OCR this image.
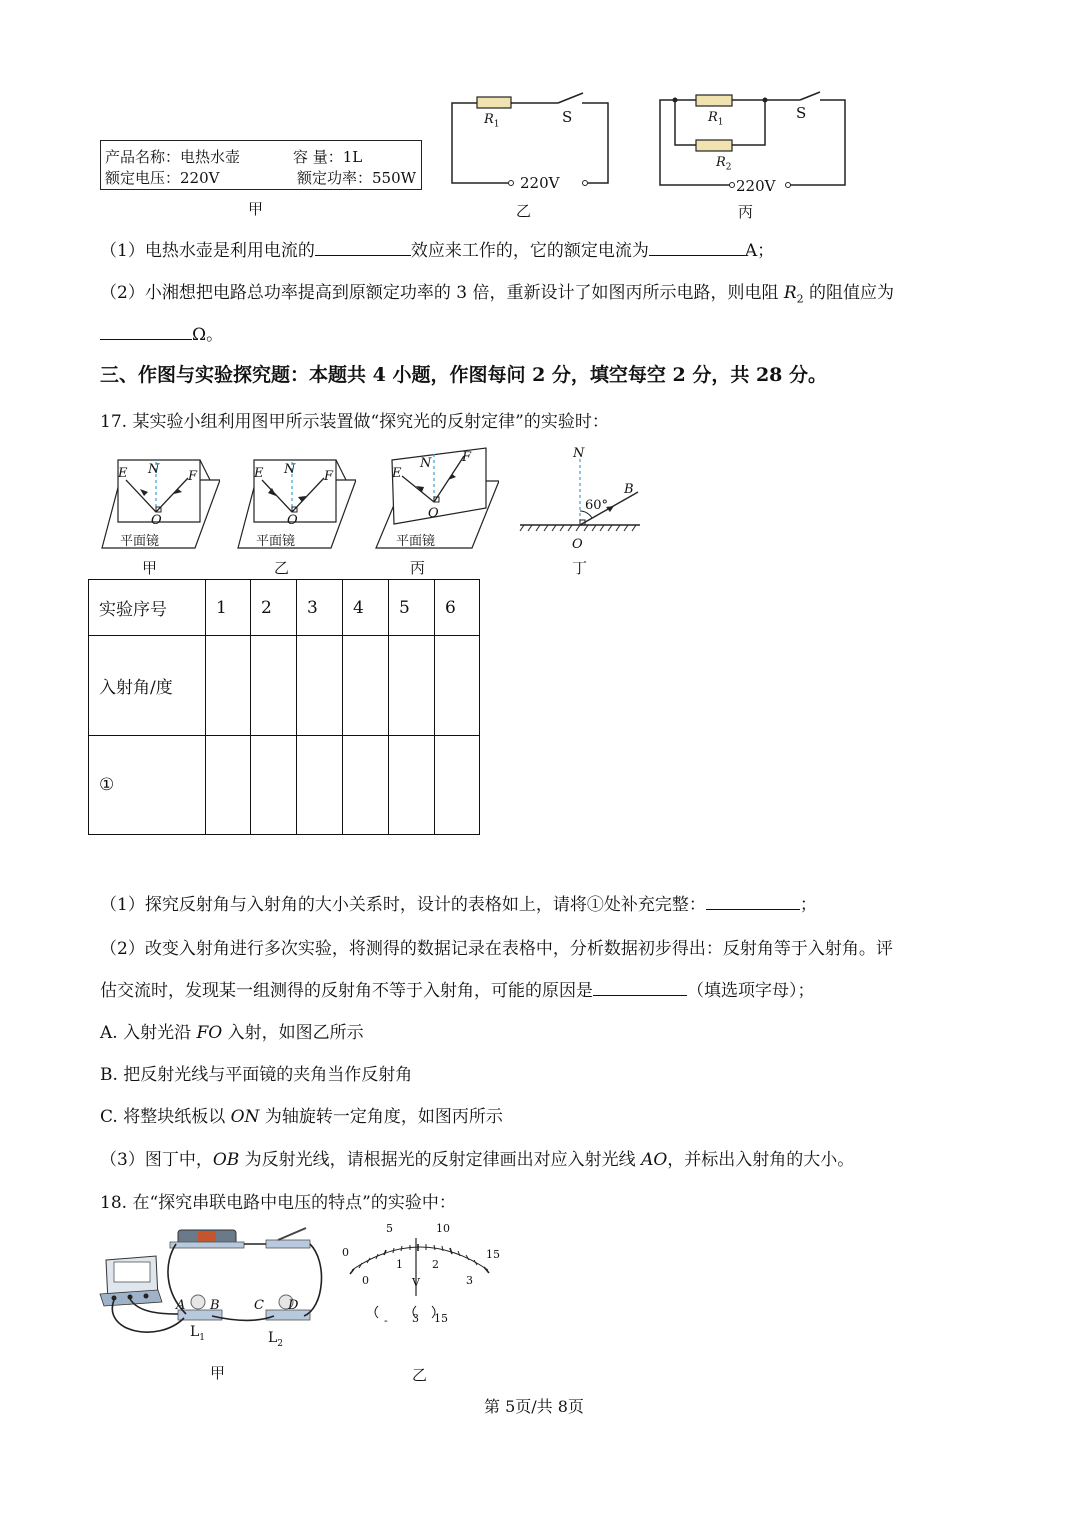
产品名称：电热水壶	容 量：1L
额定电压：220V	额定功率：550W
甲
$R_1$	S
220V
乙
$R_1$
$R_2$
S
220V
丙
（1）电热水壶是利用电流的	效应来工作的，它的额定电流为	A；
（2）小湘想把电路总功率提高到原额定功率的 3 倍，重新设计了如图丙所示电路，则电阻 $R_2$ 的阻值应为
Ω。
三、作图与实验探究题：本题共 4 小题，作图每问 2 分，填空每空 2 分，共 28 分。
17. 某实验小组利用图甲所示装置做“探究光的反射定律”的实验时：
E N F
O
平面镜
甲
E N F
O
平面镜
乙
E
N F
O
平面镜
丙
N
B
60°
O
丁
实验序号	1	2	3	4	5	6
入射角/度						
①						
（1）探究反射角与入射角的大小关系时，设计的表格如上，请将①处补充完整：	；
（2）改变入射角进行多次实验，将测得的数据记录在表格中，分析数据初步得出：反射角等于入射角。评
估交流时，发现某一组测得的反射角不等于入射角，可能的原因是	（填选项字母）；
A. 入射光沿 FO 入射，如图乙所示
B. 把反射光线与平面镜的夹角当作反射角
C. 将整块纸板以 ON 为轴旋转一定角度，如图丙所示
（3）图丁中，OB 为反射光线，请根据光的反射定律画出对应入射光线 AO，并标出入射角的大小。
18. 在“探究串联电路中电压的特点”的实验中：
A B	C D
$L_1$	$L_2$
甲
0
5	10
15
0
1	2
3
V
- 3 15
乙
第 5页/共 8页
